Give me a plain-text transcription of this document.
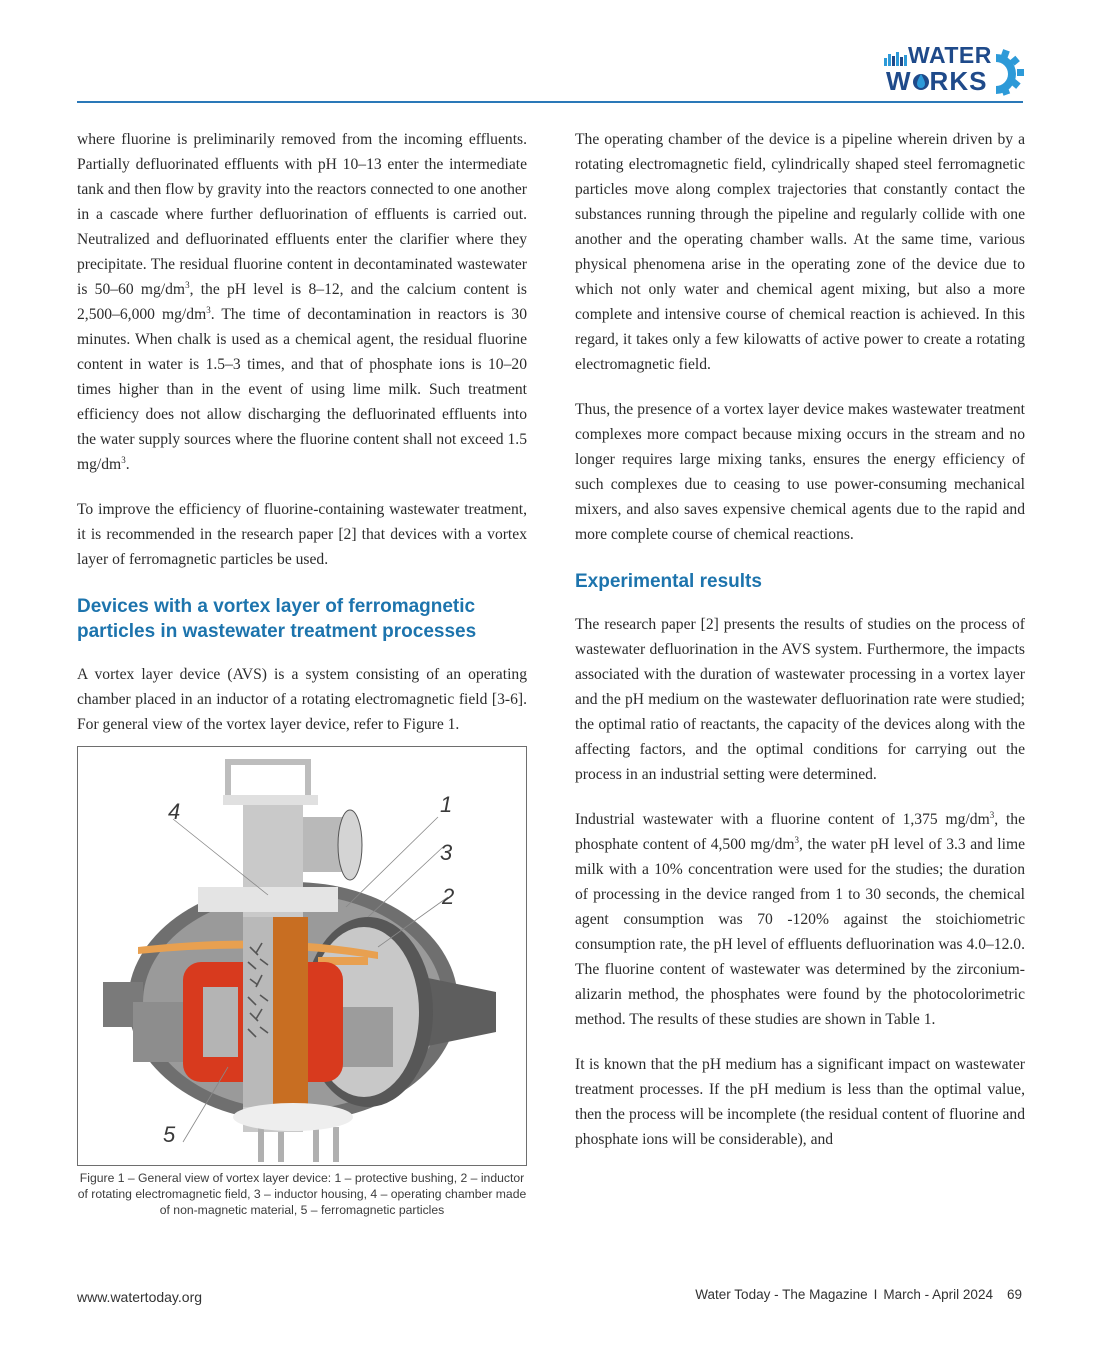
WATER
W RKS

where fluorine is preliminarily removed from the incoming effluents. Partially defluorinated effluents with pH 10–13 enter the intermediate tank and then flow by gravity into the reactors connected to one another in a cascade where further defluorination of effluents is carried out. Neutralized and defluorinated effluents enter the clarifier where they precipitate. The residual fluorine content in decontaminated wastewater is 50–60 $mg/dm^3$, the pH level is 8–12, and the calcium content is 2,500–6,000 $mg/dm^3$. The time of decontamination in reactors is 30 minutes. When chalk is used as a chemical agent, the residual fluorine content in water is 1.5–3 times, and that of phosphate ions is 10–20 times higher than in the event of using lime milk. Such treatment efficiency does not allow discharging the defluorinated effluents into the water supply sources where the fluorine content shall not exceed 1.5 $mg/dm^3$.

To improve the efficiency of fluorine-containing wastewater treatment, it is recommended in the research paper [2] that devices with a vortex layer of ferromagnetic particles be used.

Devices with a vortex layer of ferromagnetic particles in wastewater treatment processes

A vortex layer device (AVS) is a system consisting of an operating chamber placed in an inductor of a rotating electromagnetic field [3-6]. For general view of the vortex layer device, refer to Figure 1.

4	1
3
2
5
Figure 1 – General view of vortex layer device: 1 – protective bushing, 2 – inductor of rotating electromagnetic field, 3 – inductor housing, 4 – operating chamber made of non-magnetic material, 5 – ferromagnetic particles

The operating chamber of the device is a pipeline wherein driven by a rotating electromagnetic field, cylindrically shaped steel ferromagnetic particles move along complex trajectories that constantly contact the substances running through the pipeline and regularly collide with one another and the operating chamber walls. At the same time, various physical phenomena arise in the operating zone of the device due to which not only water and chemical agent mixing, but also a more complete and intensive course of chemical reaction is achieved. In this regard, it takes only a few kilowatts of active power to create a rotating electromagnetic field.

Thus, the presence of a vortex layer device makes wastewater treatment complexes more compact because mixing occurs in the stream and no longer requires large mixing tanks, ensures the energy efficiency of such complexes due to ceasing to use power-consuming mechanical mixers, and also saves expensive chemical agents due to the rapid and more complete course of chemical reactions.

Experimental results

The research paper [2] presents the results of studies on the process of wastewater defluorination in the AVS system. Furthermore, the impacts associated with the duration of wastewater processing in a vortex layer and the pH medium on the wastewater defluorination rate were studied; the optimal ratio of reactants, the capacity of the devices along with the affecting factors, and the optimal conditions for carrying out the process in an industrial setting were determined.

Industrial wastewater with a fluorine content of 1,375 $mg/dm^3$, the phosphate content of 4,500 $mg/dm^3$, the water pH level of 3.3 and lime milk with a 10% concentration were used for the studies; the duration of processing in the device ranged from 1 to 30 seconds, the chemical agent consumption was 70 -120% against the stoichiometric consumption rate, the pH level of effluents defluorination was 4.0–12.0. The fluorine content of wastewater was determined by the zirconium-alizarin method, the phosphates were found by the photocolorimetric method. The results of these studies are shown in Table 1.

It is known that the pH medium has a significant impact on wastewater treatment processes. If the pH medium is less than the optimal value, then the process will be incomplete (the residual content of fluorine and phosphate ions will be considerable), and

www.watertoday.org	Water Today - The Magazine I March - April 2024 69
